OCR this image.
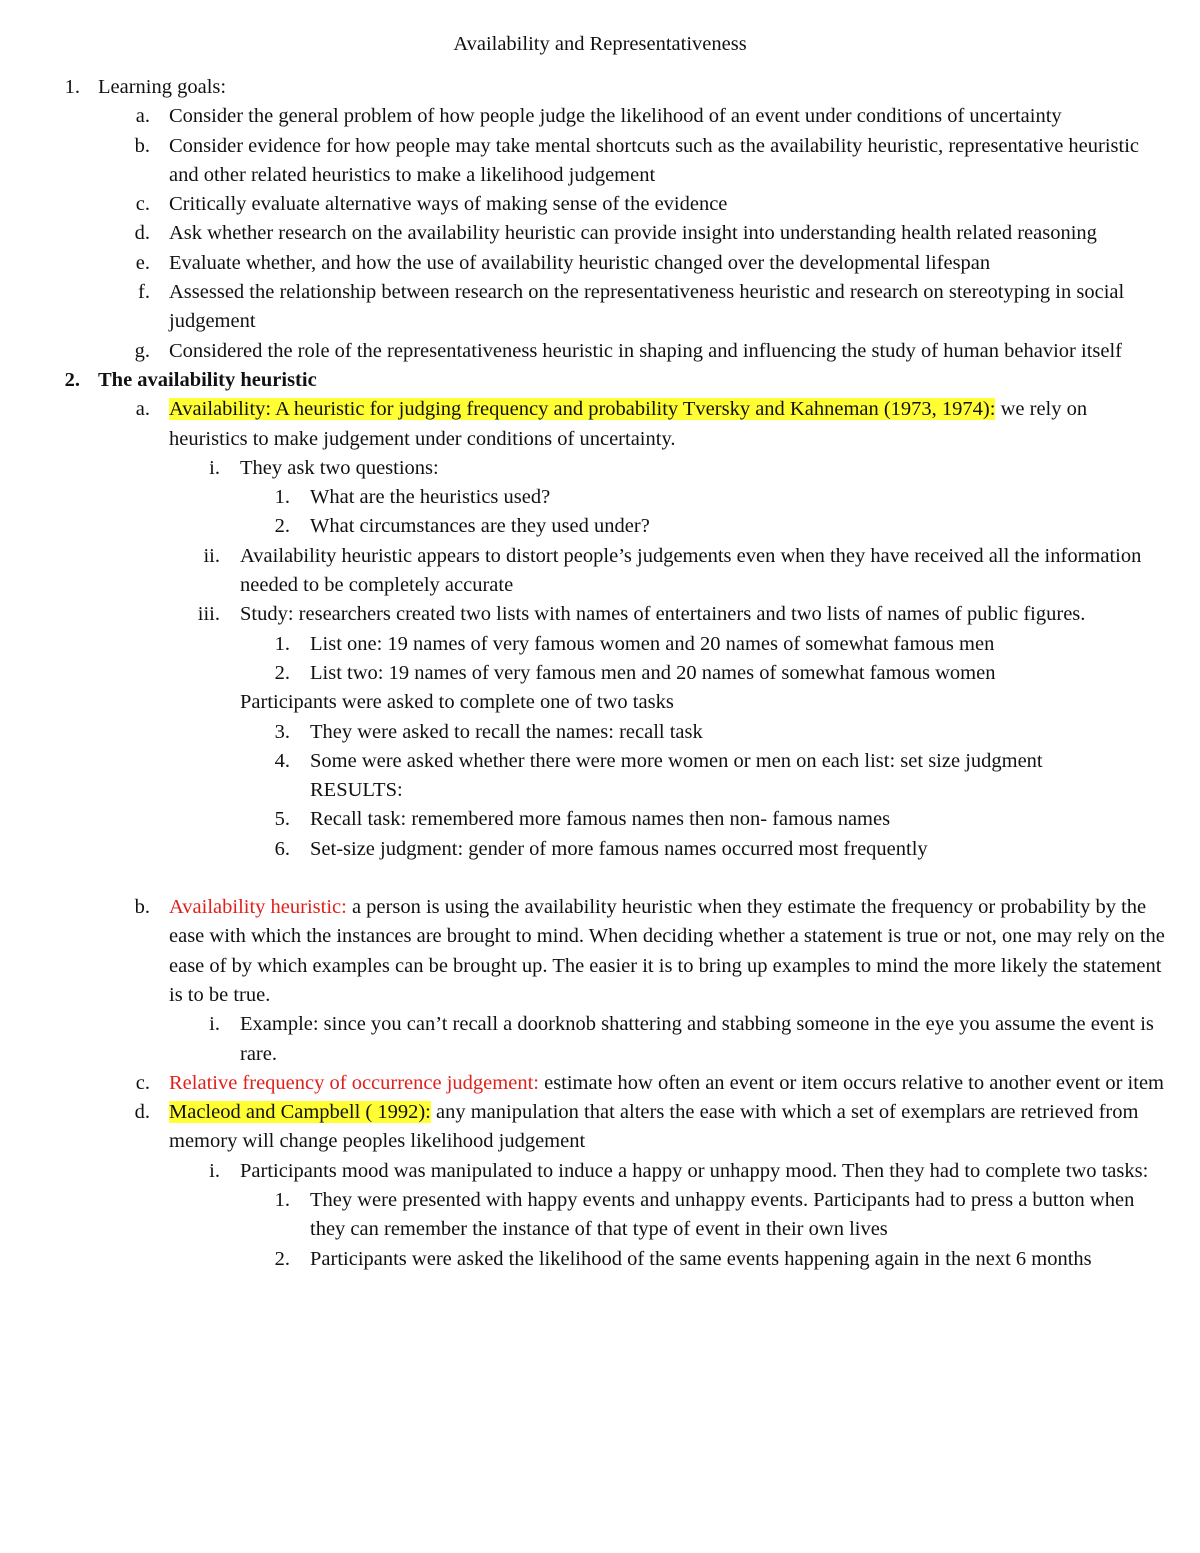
Availability and Representativeness
1. Learning goals:
a. Consider the general problem of how people judge the likelihood of an event under conditions of uncertainty
b. Consider evidence for how people may take mental shortcuts such as the availability heuristic, representative heuristic and other related heuristics to make a likelihood judgement
c. Critically evaluate alternative ways of making sense of the evidence
d. Ask whether research on the availability heuristic can provide insight into understanding health related reasoning
e. Evaluate whether, and how the use of availability heuristic changed over the developmental lifespan
f. Assessed the relationship between research on the representativeness heuristic and research on stereotyping in social judgement
g. Considered the role of the representativeness heuristic in shaping and influencing the study of human behavior itself
2. The availability heuristic
a. Availability: A heuristic for judging frequency and probability Tversky and Kahneman (1973, 1974): we rely on heuristics to make judgement under conditions of uncertainty.
i. They ask two questions:
1. What are the heuristics used?
2. What circumstances are they used under?
ii. Availability heuristic appears to distort people’s judgements even when they have received all the information needed to be completely accurate
iii. Study: researchers created two lists with names of entertainers and two lists of names of public figures.
1. List one: 19 names of very famous women and 20 names of somewhat famous men
2. List two: 19 names of very famous men and 20 names of somewhat famous women
Participants were asked to complete one of two tasks
3. They were asked to recall the names: recall task
4. Some were asked whether there were more women or men on each list: set size judgment
RESULTS:
5. Recall task: remembered more famous names then non- famous names
6. Set-size judgment: gender of more famous names occurred most frequently
b. Availability heuristic: a person is using the availability heuristic when they estimate the frequency or probability by the ease with which the instances are brought to mind. When deciding whether a statement is true or not, one may rely on the ease of by which examples can be brought up. The easier it is to bring up examples to mind the more likely the statement is to be true.
i. Example: since you can’t recall a doorknob shattering and stabbing someone in the eye you assume the event is rare.
c. Relative frequency of occurrence judgement: estimate how often an event or item occurs relative to another event or item
d. Macleod and Campbell ( 1992): any manipulation that alters the ease with which a set of exemplars are retrieved from memory will change peoples likelihood judgement
i. Participants mood was manipulated to induce a happy or unhappy mood. Then they had to complete two tasks:
1. They were presented with happy events and unhappy events. Participants had to press a button when they can remember the instance of that type of event in their own lives
2. Participants were asked the likelihood of the same events happening again in the next 6 months
